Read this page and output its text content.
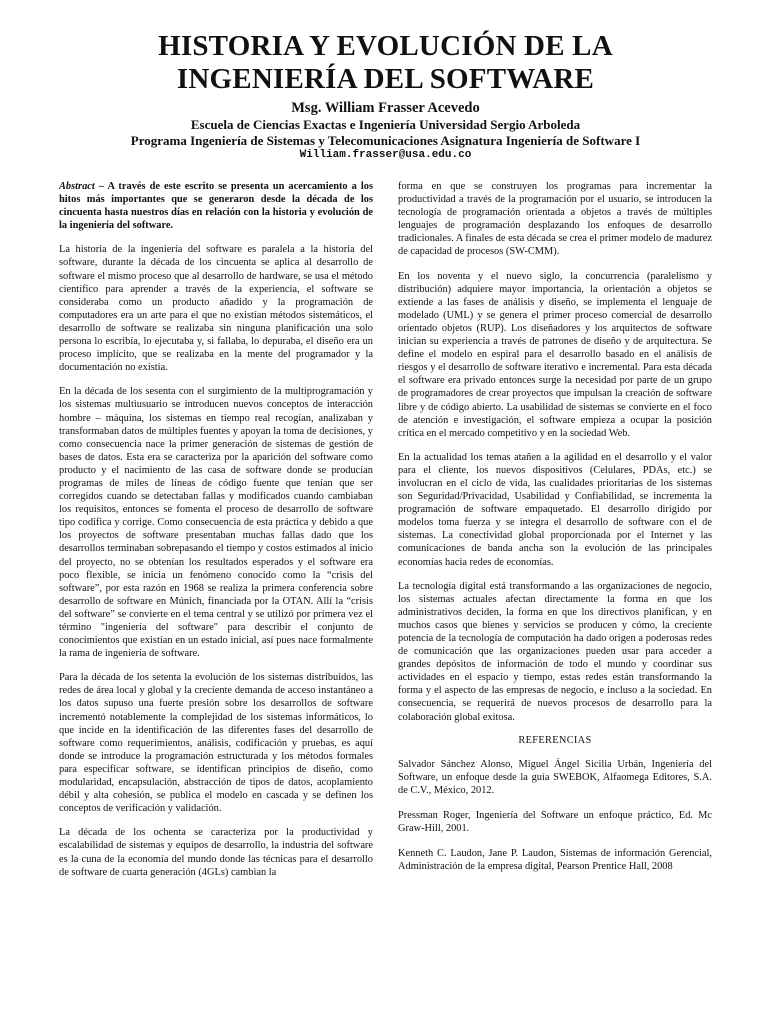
HISTORIA Y EVOLUCIÓN DE LA INGENIERÍA DEL SOFTWARE
Msg. William Frasser Acevedo
Escuela de Ciencias Exactas e Ingeniería Universidad Sergio Arboleda
Programa Ingeniería de Sistemas y Telecomunicaciones Asignatura Ingeniería de Software I
William.frasser@usa.edu.co

Abstract – A través de este escrito se presenta un acercamiento a los hitos más importantes que se generaron desde la década de los cincuenta hasta nuestros días en relación con la historia y evolución de la ingeniería del software.

La historia de la ingeniería del software es paralela a la historia del software, durante la década de los cincuenta se aplica al desarrollo de software el mismo proceso que al desarrollo de hardware, se usa el método científico para aprender a través de la experiencia, el software se consideraba como un producto añadido y la programación de computadores era un arte para el que no existían métodos sistemáticos, el desarrollo de software se realizaba sin ninguna planificación una solo persona lo escribía, lo ejecutaba y, si fallaba, lo depuraba, el diseño era un proceso implícito, que se realizaba en la mente del programador y la documentación no existía.

En la década de los sesenta con el surgimiento de la multiprogramación y los sistemas multiusuario se introducen nuevos conceptos de interacción hombre – máquina, los sistemas en tiempo real recogían, analizaban y transformaban datos de múltiples fuentes y apoyan la toma de decisiones, y como consecuencia nace la primer generación de sistemas de gestión de bases de datos. Esta era se caracteriza por la aparición del software como producto y el nacimiento de las casa de software donde se producían programas de miles de líneas de código fuente que tenían que ser corregidos cuando se detectaban fallas y modificados cuando cambiaban los requisitos, entonces se fomenta el proceso de desarrollo de software tipo codifica y corrige. Como consecuencia de esta práctica y debido a que los proyectos de software presentaban muchas fallas dado que los desarrollos terminaban sobrepasando el tiempo y costos estimados al inicio del proyecto, no se obtenían los resultados esperados y el software era poco flexible, se inicia un fenómeno conocido como la “crisis del software”, por esta razón en 1968 se realiza la primera conferencia sobre desarrollo de software en Múnich, financiada por la OTAN. Allí la “crisis del software” se convierte en el tema central y se utilizó por primera vez el término "ingeniería del software" para describir el conjunto de conocimientos que existían en un estado inicial, así pues nace formalmente la rama de ingeniería de software.

Para la década de los setenta la evolución de los sistemas distribuidos, las redes de área local y global y la creciente demanda de acceso instantáneo a los datos supuso una fuerte presión sobre los desarrollos de software incrementó notablemente la complejidad de los sistemas informáticos, lo que incide en la identificación de las diferentes fases del desarrollo de software como requerimientos, análisis, codificación y pruebas, es aquí donde se introduce la programación estructurada y los métodos formales para especificar software, se identifican principios de diseño, como modularidad, encapsulación, abstracción de tipos de datos, acoplamiento débil y alta cohesión, se publica el modelo en cascada y se definen los conceptos de verificación y validación.

La década de los ochenta se caracteriza por la productividad y escalabilidad de sistemas y equipos de desarrollo, la industria del software es la cuna de la economía del mundo donde las técnicas para el desarrollo de software de cuarta generación (4GLs) cambian la

forma en que se construyen los programas para incrementar la productividad a través de la programación por el usuario, se introducen la tecnología de programación orientada a objetos a través de múltiples lenguajes de programación desplazando los enfoques de desarrollo tradicionales. A finales de esta década se crea el primer modelo de madurez de capacidad de procesos (SW-CMM).

En los noventa y el nuevo siglo, la concurrencia (paralelismo y distribución) adquiere mayor importancia, la orientación a objetos se extiende a las fases de análisis y diseño, se implementa el lenguaje de modelado (UML) y se genera el primer proceso comercial de desarrollo orientado objetos (RUP). Los diseñadores y los arquitectos de software inician su experiencia a través de patrones de diseño y de arquitectura. Se define el modelo en espiral para el desarrollo basado en el análisis de riesgos y el desarrollo de software iterativo e incremental. Para esta década el software era privado entonces surge la necesidad por parte de un grupo de programadores de crear proyectos que impulsan la creación de software libre y de código abierto. La usabilidad de sistemas se convierte en el foco de atención e investigación, el software empieza a ocupar la posición crítica en el mercado competitivo y en la sociedad Web.

En la actualidad los temas atañen a la agilidad en el desarrollo y el valor para el cliente, los nuevos dispositivos (Celulares, PDAs, etc.) se involucran en el ciclo de vida, las cualidades prioritarias de los sistemas son Seguridad/Privacidad, Usabilidad y Confiabilidad, se incrementa la programación de software empaquetado. El desarrollo dirigido por modelos toma fuerza y se integra el desarrollo de software con el de sistemas. La conectividad global proporcionada por el Internet y las comunicaciones de banda ancha son la evolución de las principales economías hacia redes de economías.

La tecnología digital está transformando a las organizaciones de negocio, los sistemas actuales afectan directamente la forma en que los administrativos deciden, la forma en que los directivos planifican, y en muchos casos que bienes y servicios se producen y cómo, la creciente potencia de la tecnología de computación ha dado origen a poderosas redes de comunicación que las organizaciones pueden usar para acceder a grandes depósitos de información de todo el mundo y coordinar sus actividades en el espacio y tiempo, estas redes están transformando la forma y el aspecto de las empresas de negocio, e incluso a la sociedad. En consecuencia, se requerirá de nuevos procesos de desarrollo para la colaboración global exitosa.

REFERENCIAS

Salvador Sánchez Alonso, Miguel Ángel Sicilia Urbán, Ingeniería del Software, un enfoque desde la guía SWEBOK, Alfaomega Editores, S.A. de C.V., México, 2012.

Pressman Roger, Ingeniería del Software un enfoque práctico, Ed. Mc Graw-Hill, 2001.

Kenneth C. Laudon, Jane P. Laudon, Sistemas de información Gerencial, Administración de la empresa digital, Pearson Prentice Hall, 2008
